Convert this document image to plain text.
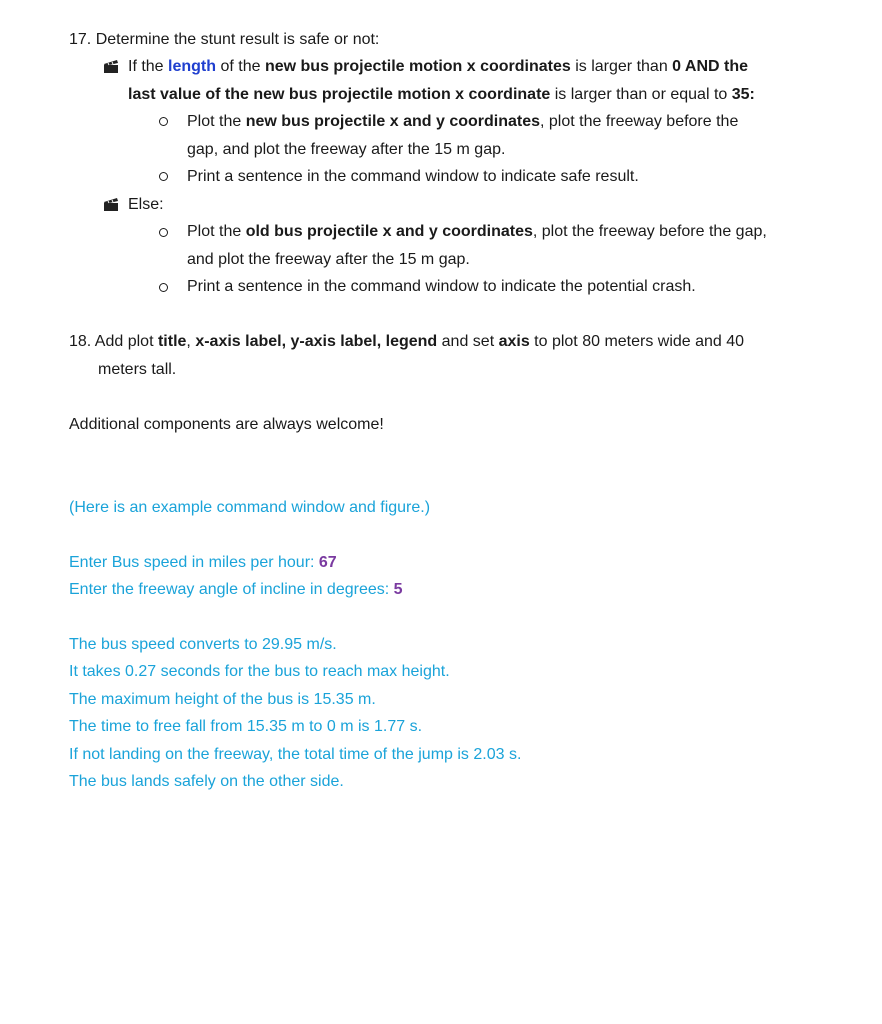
17. Determine the stunt result is safe or not:
If the length of the new bus projectile motion x coordinates is larger than 0 AND the
last value of the new bus projectile motion x coordinate is larger than or equal to 35:
Plot the new bus projectile x and y coordinates, plot the freeway before the
gap, and plot the freeway after the 15 m gap.
Print a sentence in the command window to indicate safe result.
Else:
Plot the old bus projectile x and y coordinates, plot the freeway before the gap,
and plot the freeway after the 15 m gap.
Print a sentence in the command window to indicate the potential crash.
18. Add plot title, x-axis label, y-axis label, legend and set axis to plot 80 meters wide and 40
meters tall.
Additional components are always welcome!
(Here is an example command window and figure.)
Enter Bus speed in miles per hour: 67
Enter the freeway angle of incline in degrees: 5
The bus speed converts to 29.95 m/s.
It takes 0.27 seconds for the bus to reach max height.
The maximum height of the bus is 15.35 m.
The time to free fall from 15.35 m to 0 m is 1.77 s.
If not landing on the freeway, the total time of the jump is 2.03 s.
The bus lands safely on the other side.
